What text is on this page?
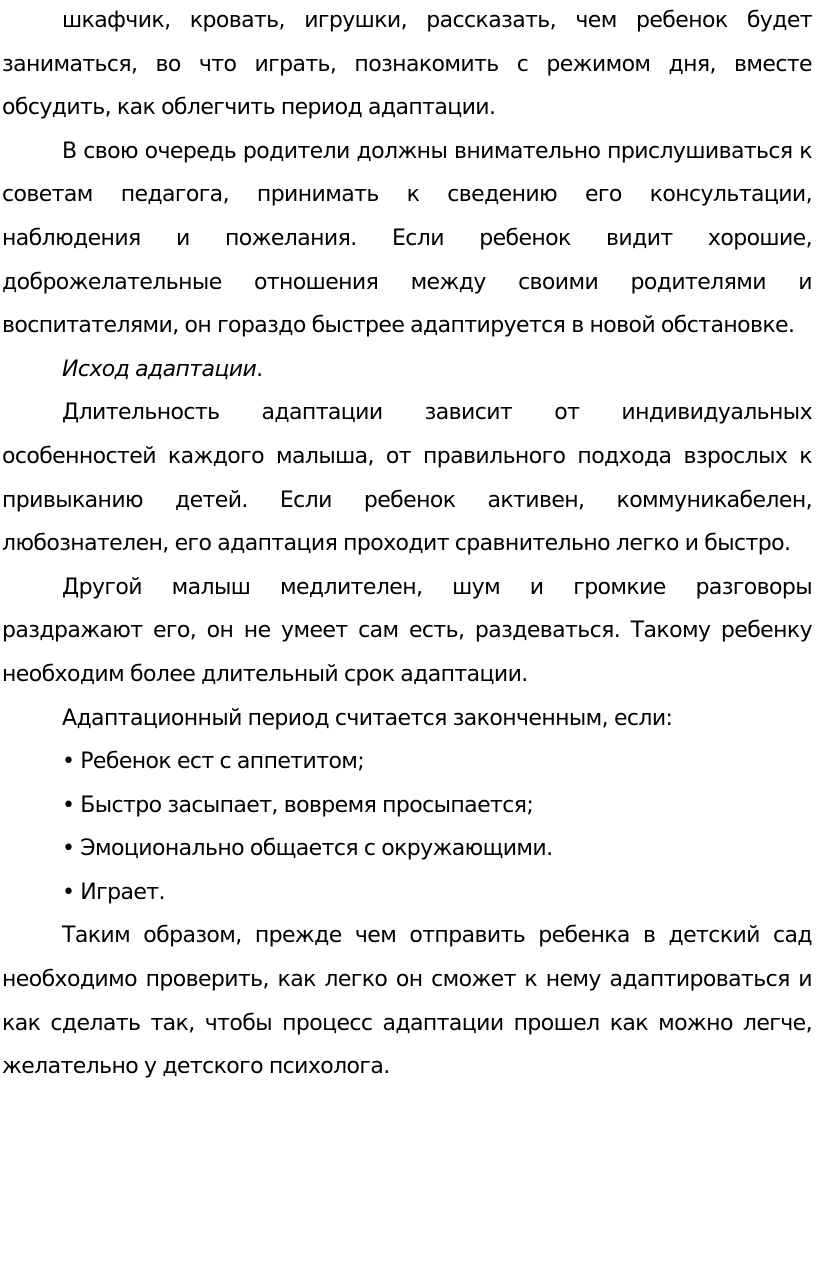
шкафчик, кровать, игрушки, рассказать, чем ребенок будет заниматься, во что играть, познакомить с режимом дня, вместе обсудить, как облегчить период адаптации.

В свою очередь родители должны внимательно прислушиваться к советам педагога, принимать к сведению его консультации, наблюдения и пожелания. Если ребенок видит хорошие, доброжелательные отношения между своими родителями и воспитателями, он гораздо быстрее адаптируется в новой обстановке.

Исход адаптации.

Длительность адаптации зависит от индивидуальных особенностей каждого малыша, от правильного подхода взрослых к привыканию детей. Если ребенок активен, коммуникабелен, любознателен, его адаптация проходит сравнительно легко и быстро.

Другой малыш медлителен, шум и громкие разговоры раздражают его, он не умеет сам есть, раздеваться. Такому ребенку необходим более длительный срок адаптации.

Адаптационный период считается законченным, если:

• Ребенок ест с аппетитом;

• Быстро засыпает, вовремя просыпается;

• Эмоционально общается с окружающими.

• Играет.

Таким образом, прежде чем отправить ребенка в детский сад необходимо проверить, как легко он сможет к нему адаптироваться и как сделать так, чтобы процесс адаптации прошел как можно легче, желательно у детского психолога.
